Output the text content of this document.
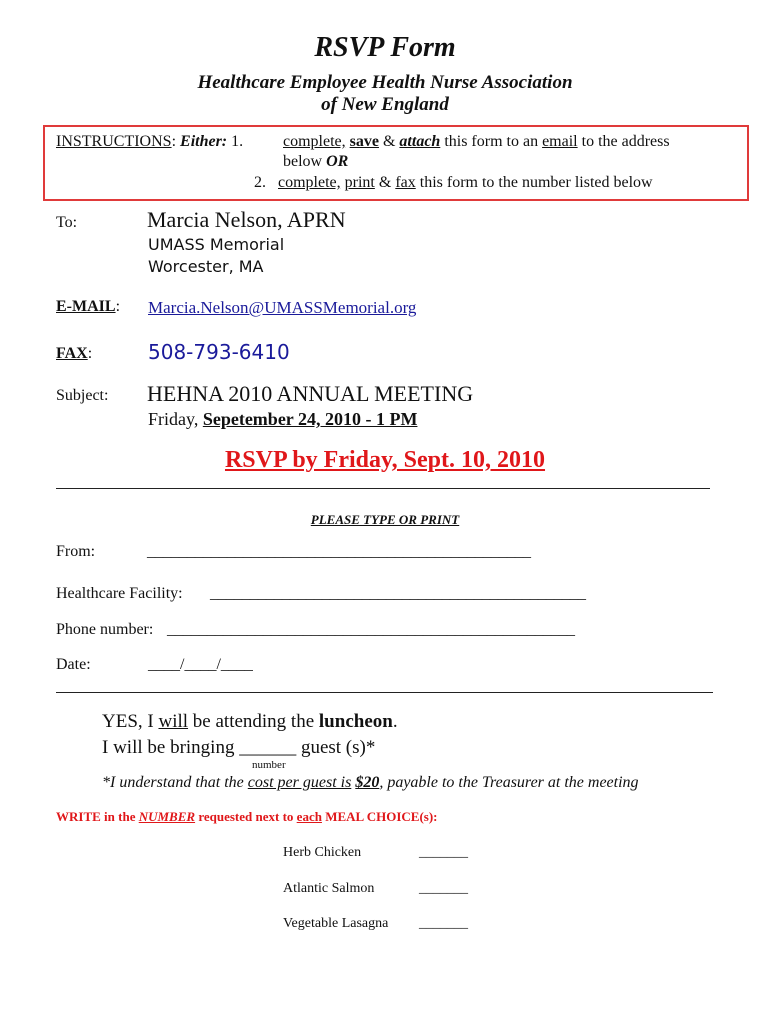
RSVP Form
Healthcare Employee Health Nurse Association
of New England
INSTRUCTIONS: Either: 1. complete, save & attach this form to an email to the address
below OR
2. complete, print & fax this form to the number listed below
To:	Marcia Nelson, APRN
UMASS Memorial
Worcester, MA
E-MAIL: Marcia.Nelson@UMASSMemorial.org
FAX:	508-793-6410
Subject: HEHNA 2010 ANNUAL MEETING
Friday, Sepetember 24, 2010 - 1 PM
RSVP by Friday, Sept. 10, 2010
PLEASE TYPE OR PRINT
From:	________________________________________________
Healthcare Facility: _______________________________________________
Phone number: ___________________________________________________
Date:	____/____/____
YES, I will be attending the luncheon.
I will be bringing ______ guest (s)*
number
*I understand that the cost per guest is $20, payable to the Treasurer at the meeting
WRITE in the NUMBER requested next to each MEAL CHOICE(s):
Herb Chicken	_______
Atlantic Salmon	_______
Vegetable Lasagna _______
